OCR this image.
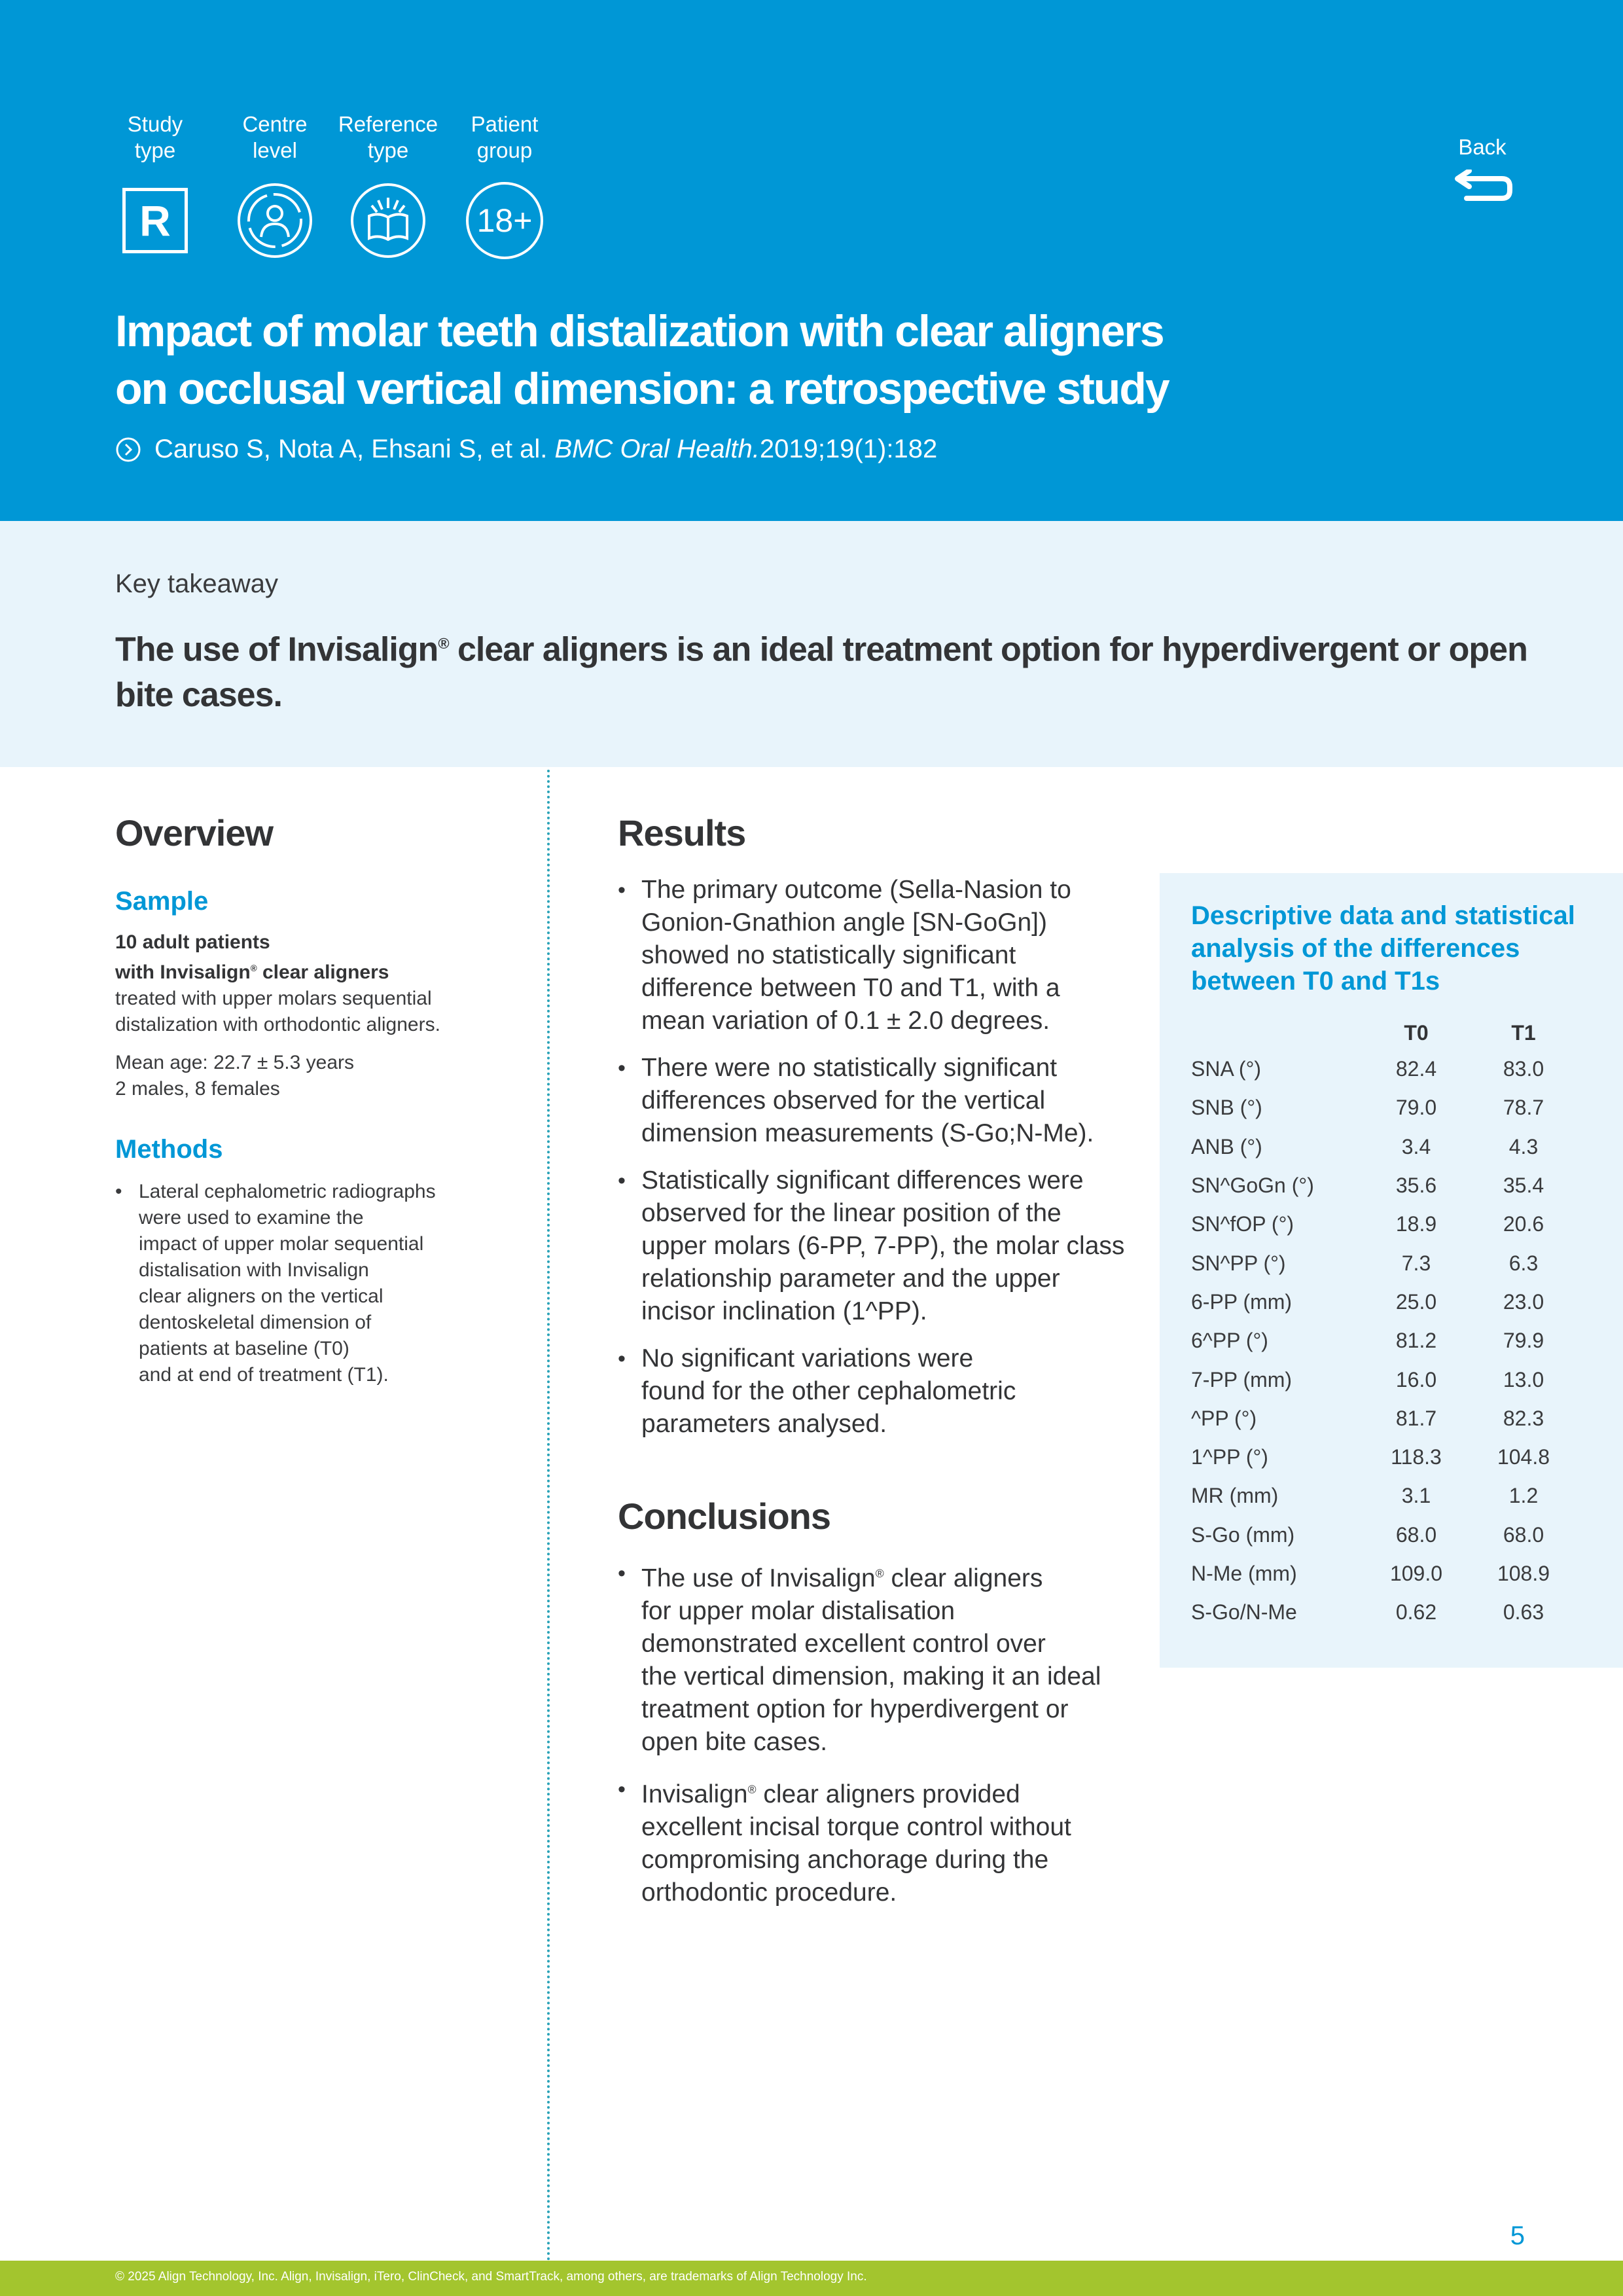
Study
type
R
Centre
level
Reference
type
Patient
group
18+
Back
Impact of molar teeth distalization with clear aligners
on occlusal vertical dimension: a retrospective study
Caruso S, Nota A, Ehsani S, et al.
BMC Oral Health. 2019;19(1):182
Key takeaway
The use of Invisalign® clear aligners is an ideal treatment option for hyperdivergent or open bite cases.
Overview
Sample
10 adult patients
with Invisalign® clear aligners
treated with upper molars sequential
distalization with orthodontic aligners.
Mean age: 22.7 ± 5.3 years
2 males, 8 females
Methods
• Lateral cephalometric radiographs
were used to examine the
impact of upper molar sequential
distalisation with Invisalign
clear aligners on the vertical
dentoskeletal dimension of
patients at baseline (T0)
and at end of treatment (T1).
Results
• The primary outcome (Sella-Nasion to
Gonion-Gnathion angle [SN-GoGn])
showed no statistically significant
difference between T0 and T1, with a
mean variation of 0.1 ± 2.0 degrees.
• There were no statistically significant
differences observed for the vertical
dimension measurements (S-Go;N-Me).
• Statistically significant differences were
observed for the linear position of the
upper molars (6-PP, 7-PP), the molar class
relationship parameter and the upper
incisor inclination (1^PP).
• No significant variations were
found for the other cephalometric
parameters analysed.
Conclusions
• The use of Invisalign® clear aligners
for upper molar distalisation
demonstrated excellent control over
the vertical dimension, making it an ideal
treatment option for hyperdivergent or
open bite cases.
• Invisalign® clear aligners provided
excellent incisal torque control without
compromising anchorage during the
orthodontic procedure.
Descriptive data and statistical
analysis of the differences
between T0 and T1s
	T0	T1
SNA (°)	82.4	83.0
SNB (°)	79.0	78.7
ANB (°)	3.4	4.3
SN^GoGn (°)	35.6	35.4
SN^fOP (°)	18.9	20.6
SN^PP (°)	7.3	6.3
6-PP (mm)	25.0	23.0
6^PP (°)	81.2	79.9
7-PP (mm)	16.0	13.0
^PP (°)	81.7	82.3
1^PP (°)	118.3	104.8
MR (mm)	3.1	1.2
S-Go (mm)	68.0	68.0
N-Me (mm)	109.0	108.9
S-Go/N-Me	0.62	0.63
5
© 2025 Align Technology, Inc. Align, Invisalign, iTero, ClinCheck, and SmartTrack, among others, are trademarks of Align Technology Inc.
